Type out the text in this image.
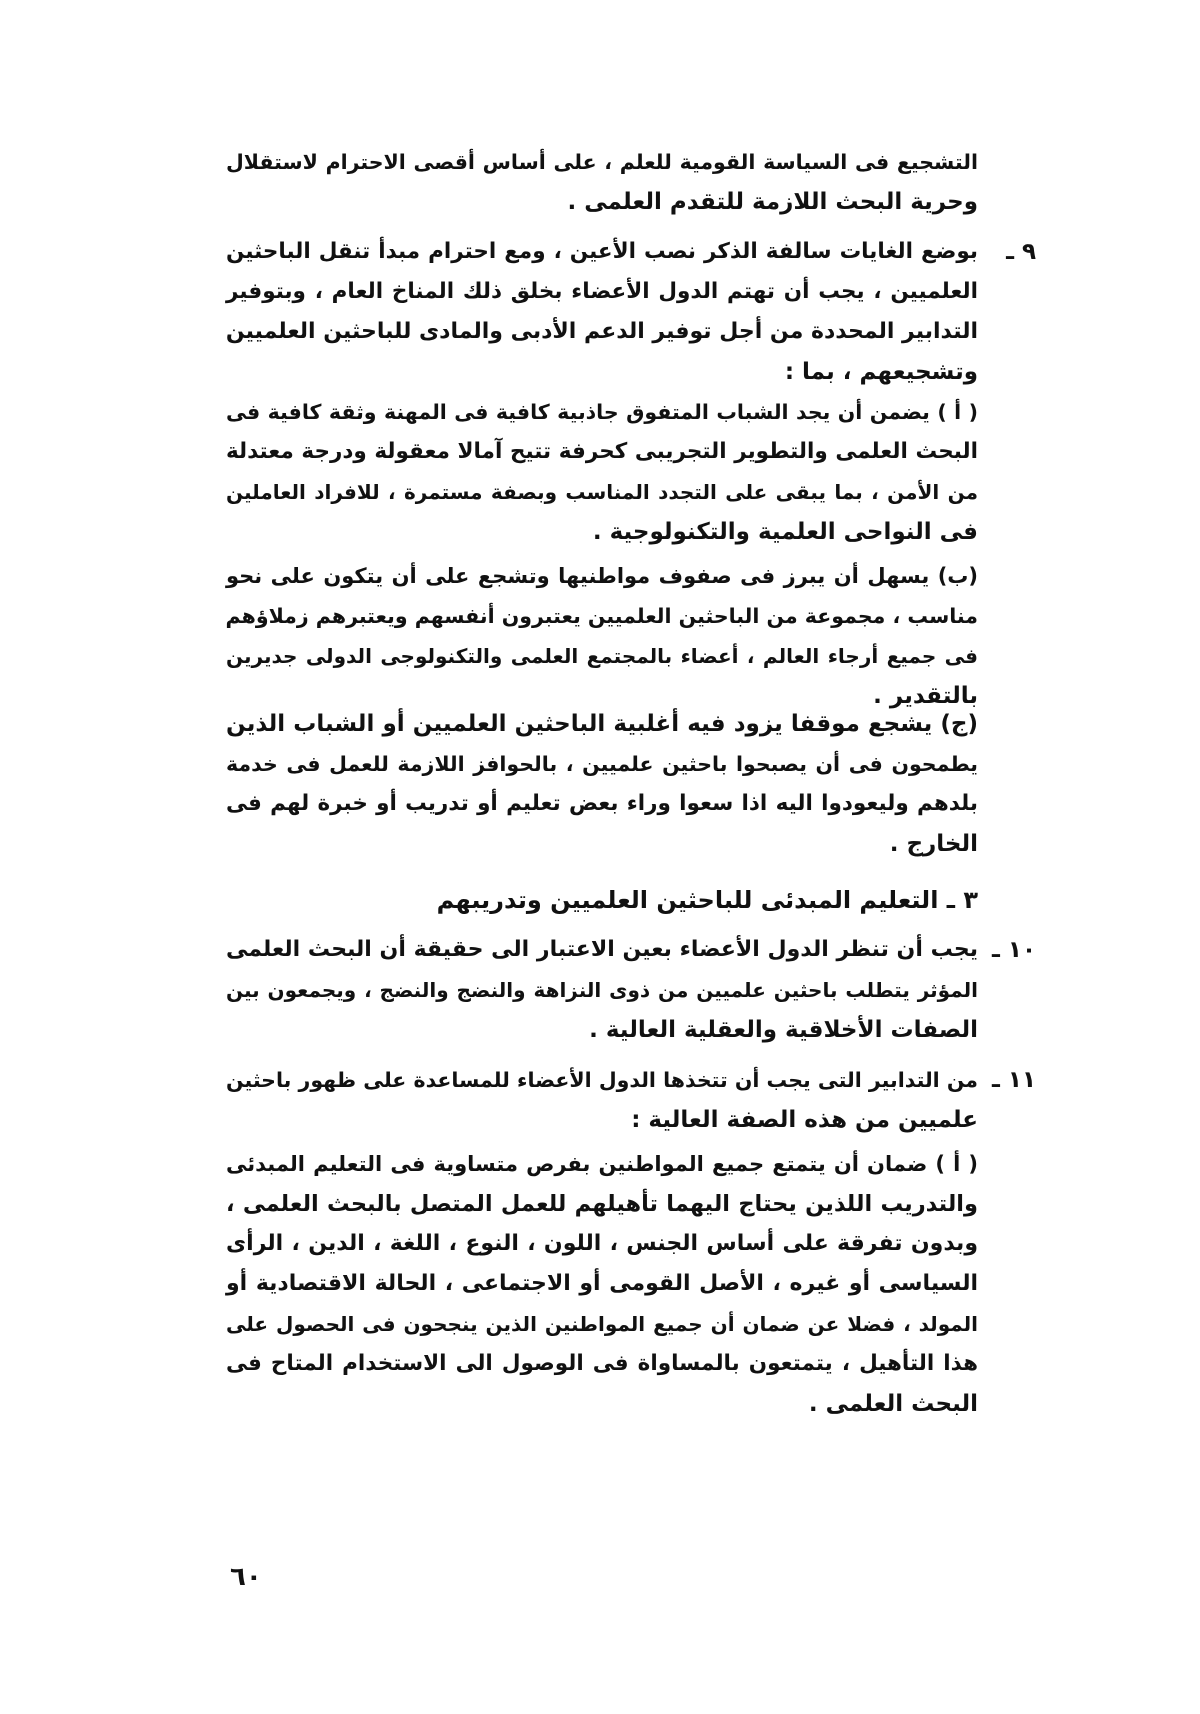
التشجيع فى السياسة القومية للعلم ، على أساس أقصى الاحترام لاستقلال
وحرية البحث اللازمة للتقدم العلمى .
٩ ـ
بوضع الغايات سالفة الذكر نصب الأعين ، ومع احترام مبدأ تنقل الباحثين
العلميين ، يجب أن تهتم الدول الأعضاء بخلق ذلك المناخ العام ، وبتوفير
التدابير المحددة من أجل توفير الدعم الأدبى والمادى للباحثين العلميين
وتشجيعهم ، بما :
( أ ) يضمن أن يجد الشباب المتفوق جاذبية كافية فى المهنة وثقة كافية فى
البحث العلمى والتطوير التجريبى كحرفة تتيح آمالا معقولة ودرجة معتدلة
من الأمن ، بما يبقى على التجدد المناسب وبصفة مستمرة ، للافراد العاملين
فى النواحى العلمية والتكنولوجية .
(ب) يسهل أن يبرز فى صفوف مواطنيها وتشجع على أن يتكون على نحو
مناسب ، مجموعة من الباحثين العلميين يعتبرون أنفسهم ويعتبرهم زملاؤهم
فى جميع أرجاء العالم ، أعضاء بالمجتمع العلمى والتكنولوجى الدولى جديرين
بالتقدير .
(ج) يشجع موقفا يزود فيه أغلبية الباحثين العلميين أو الشباب الذين
يطمحون فى أن يصبحوا باحثين علميين ، بالحوافز اللازمة للعمل فى خدمة
بلدهم وليعودوا اليه اذا سعوا وراء بعض تعليم أو تدريب أو خبرة لهم فى
الخارج .
٣ ـ التعليم المبدئى للباحثين العلميين وتدريبهم
١٠ ـ
يجب أن تنظر الدول الأعضاء بعين الاعتبار الى حقيقة أن البحث العلمى
المؤثر يتطلب باحثين علميين من ذوى النزاهة والنضج والنضج ، ويجمعون بين
الصفات الأخلاقية والعقلية العالية .
١١ ـ
من التدابير التى يجب أن تتخذها الدول الأعضاء للمساعدة على ظهور باحثين
علميين من هذه الصفة العالية :
( أ ) ضمان أن يتمتع جميع المواطنين بفرص متساوية فى التعليم المبدئى
والتدريب اللذين يحتاج اليهما تأهيلهم للعمل المتصل بالبحث العلمى ،
وبدون تفرقة على أساس الجنس ، اللون ، النوع ، اللغة ، الدين ، الرأى
السياسى أو غيره ، الأصل القومى أو الاجتماعى ، الحالة الاقتصادية أو
المولد ، فضلا عن ضمان أن جميع المواطنين الذين ينجحون فى الحصول على
هذا التأهيل ، يتمتعون بالمساواة فى الوصول الى الاستخدام المتاح فى
البحث العلمى .
٦٠
